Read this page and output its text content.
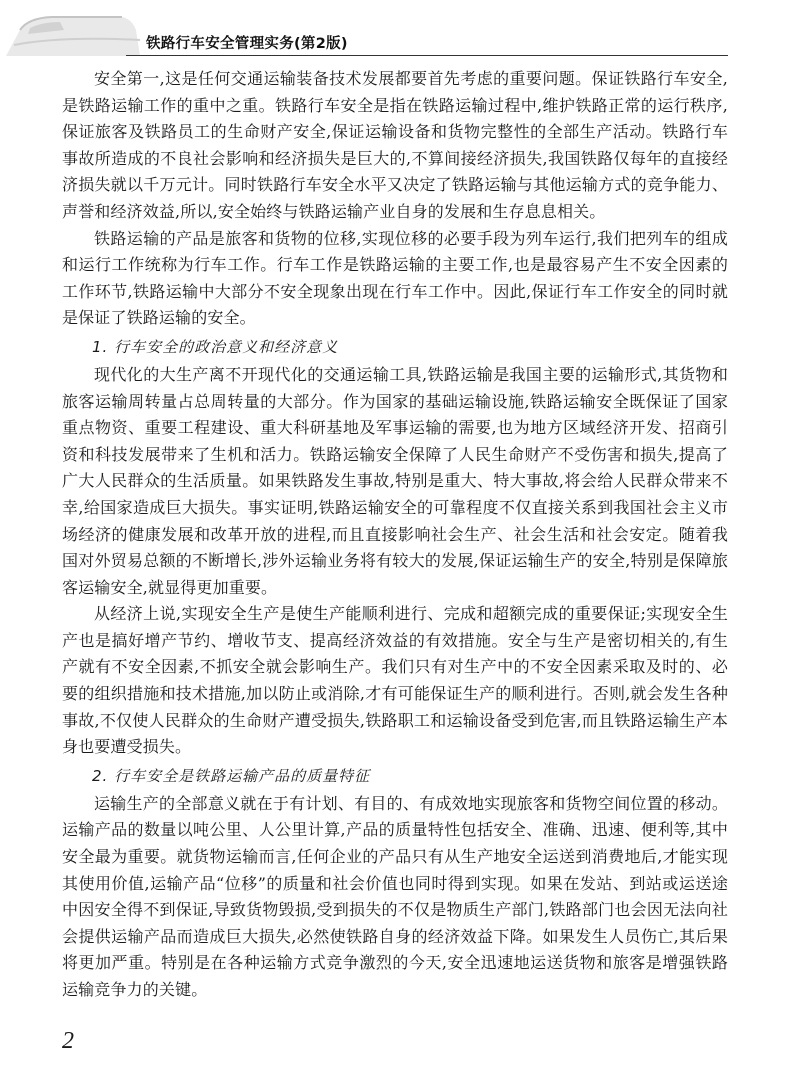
铁路行车安全管理实务(第2版)

安全第一,这是任何交通运输装备技术发展都要首先考虑的重要问题。保证铁路行车安全,是铁路运输工作的重中之重。铁路行车安全是指在铁路运输过程中,维护铁路正常的运行秩序,保证旅客及铁路员工的生命财产安全,保证运输设备和货物完整性的全部生产活动。铁路行车事故所造成的不良社会影响和经济损失是巨大的,不算间接经济损失,我国铁路仅每年的直接经济损失就以千万元计。同时铁路行车安全水平又决定了铁路运输与其他运输方式的竞争能力、声誉和经济效益,所以,安全始终与铁路运输产业自身的发展和生存息息相关。

铁路运输的产品是旅客和货物的位移,实现位移的必要手段为列车运行,我们把列车的组成和运行工作统称为行车工作。行车工作是铁路运输的主要工作,也是最容易产生不安全因素的工作环节,铁路运输中大部分不安全现象出现在行车工作中。因此,保证行车工作安全的同时就是保证了铁路运输的安全。

1. 行车安全的政治意义和经济意义

现代化的大生产离不开现代化的交通运输工具,铁路运输是我国主要的运输形式,其货物和旅客运输周转量占总周转量的大部分。作为国家的基础运输设施,铁路运输安全既保证了国家重点物资、重要工程建设、重大科研基地及军事运输的需要,也为地方区域经济开发、招商引资和科技发展带来了生机和活力。铁路运输安全保障了人民生命财产不受伤害和损失,提高了广大人民群众的生活质量。如果铁路发生事故,特别是重大、特大事故,将会给人民群众带来不幸,给国家造成巨大损失。事实证明,铁路运输安全的可靠程度不仅直接关系到我国社会主义市场经济的健康发展和改革开放的进程,而且直接影响社会生产、社会生活和社会安定。随着我国对外贸易总额的不断增长,涉外运输业务将有较大的发展,保证运输生产的安全,特别是保障旅客运输安全,就显得更加重要。

从经济上说,实现安全生产是使生产能顺利进行、完成和超额完成的重要保证;实现安全生产也是搞好增产节约、增收节支、提高经济效益的有效措施。安全与生产是密切相关的,有生产就有不安全因素,不抓安全就会影响生产。我们只有对生产中的不安全因素采取及时的、必要的组织措施和技术措施,加以防止或消除,才有可能保证生产的顺利进行。否则,就会发生各种事故,不仅使人民群众的生命财产遭受损失,铁路职工和运输设备受到危害,而且铁路运输生产本身也要遭受损失。

2. 行车安全是铁路运输产品的质量特征

运输生产的全部意义就在于有计划、有目的、有成效地实现旅客和货物空间位置的移动。运输产品的数量以吨公里、人公里计算,产品的质量特性包括安全、准确、迅速、便利等,其中安全最为重要。就货物运输而言,任何企业的产品只有从生产地安全运送到消费地后,才能实现其使用价值,运输产品“位移”的质量和社会价值也同时得到实现。如果在发站、到站或运送途中因安全得不到保证,导致货物毁损,受到损失的不仅是物质生产部门,铁路部门也会因无法向社会提供运输产品而造成巨大损失,必然使铁路自身的经济效益下降。如果发生人员伤亡,其后果将更加严重。特别是在各种运输方式竞争激烈的今天,安全迅速地运送货物和旅客是增强铁路运输竞争力的关键。

2
